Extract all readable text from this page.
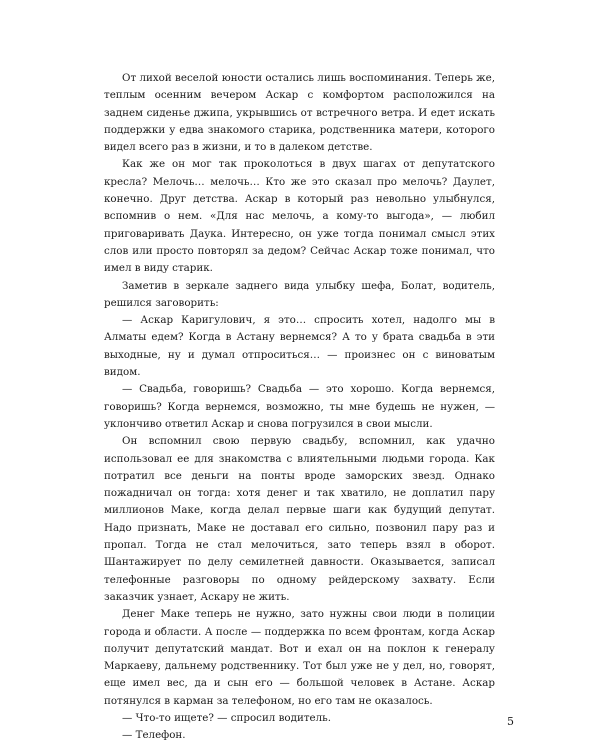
От лихой веселой юности остались лишь воспоминания. Теперь же, теплым осенним вечером Аскар с комфортом расположился на заднем сиденье джипа, укрывшись от встречного ветра. И едет искать поддержки у едва знакомого старика, родственника матери, которого видел всего раз в жизни, и то в далеком детстве.

Как же он мог так проколоться в двух шагах от депутатского кресла? Мелочь… мелочь… Кто же это сказал про мелочь? Даулет, конечно. Друг детства. Аскар в который раз невольно улыбнулся, вспомнив о нем. «Для нас мелочь, а кому-то выгода», — любил приговаривать Даука. Интересно, он уже тогда понимал смысл этих слов или просто повторял за дедом? Сейчас Аскар тоже понимал, что имел в виду старик.

Заметив в зеркале заднего вида улыбку шефа, Болат, водитель, решился заговорить:

— Аскар Каригулович, я это… спросить хотел, надолго мы в Алматы едем? Когда в Астану вернемся? А то у брата свадьба в эти выходные, ну и думал отпроситься… — произнес он с виноватым видом.

— Свадьба, говоришь? Свадьба — это хорошо. Когда вернемся, говоришь? Когда вернемся, возможно, ты мне будешь не нужен, — уклончиво ответил Аскар и снова погрузился в свои мысли.

Он вспомнил свою первую свадьбу, вспомнил, как удачно использовал ее для знакомства с влиятельными людьми города. Как потратил все деньги на понты вроде заморских звезд. Однако пожадничал он тогда: хотя денег и так хватило, не доплатил пару миллионов Маке, когда делал первые шаги как будущий депутат. Надо признать, Маке не доставал его сильно, позвонил пару раз и пропал. Тогда не стал мелочиться, зато теперь взял в оборот. Шантажирует по делу семилетней давности. Оказывается, записал телефонные разговоры по одному рейдерскому захвату. Если заказчик узнает, Аскару не жить.

Денег Маке теперь не нужно, зато нужны свои люди в полиции города и области. А после — поддержка по всем фронтам, когда Аскар получит депутатский мандат. Вот и ехал он на поклон к генералу Маркаеву, дальнему родственнику. Тот был уже не у дел, но, говорят, еще имел вес, да и сын его — большой человек в Астане. Аскар потянулся в карман за телефоном, но его там не оказалось.

— Что-то ищете? — спросил водитель.

— Телефон.

5
